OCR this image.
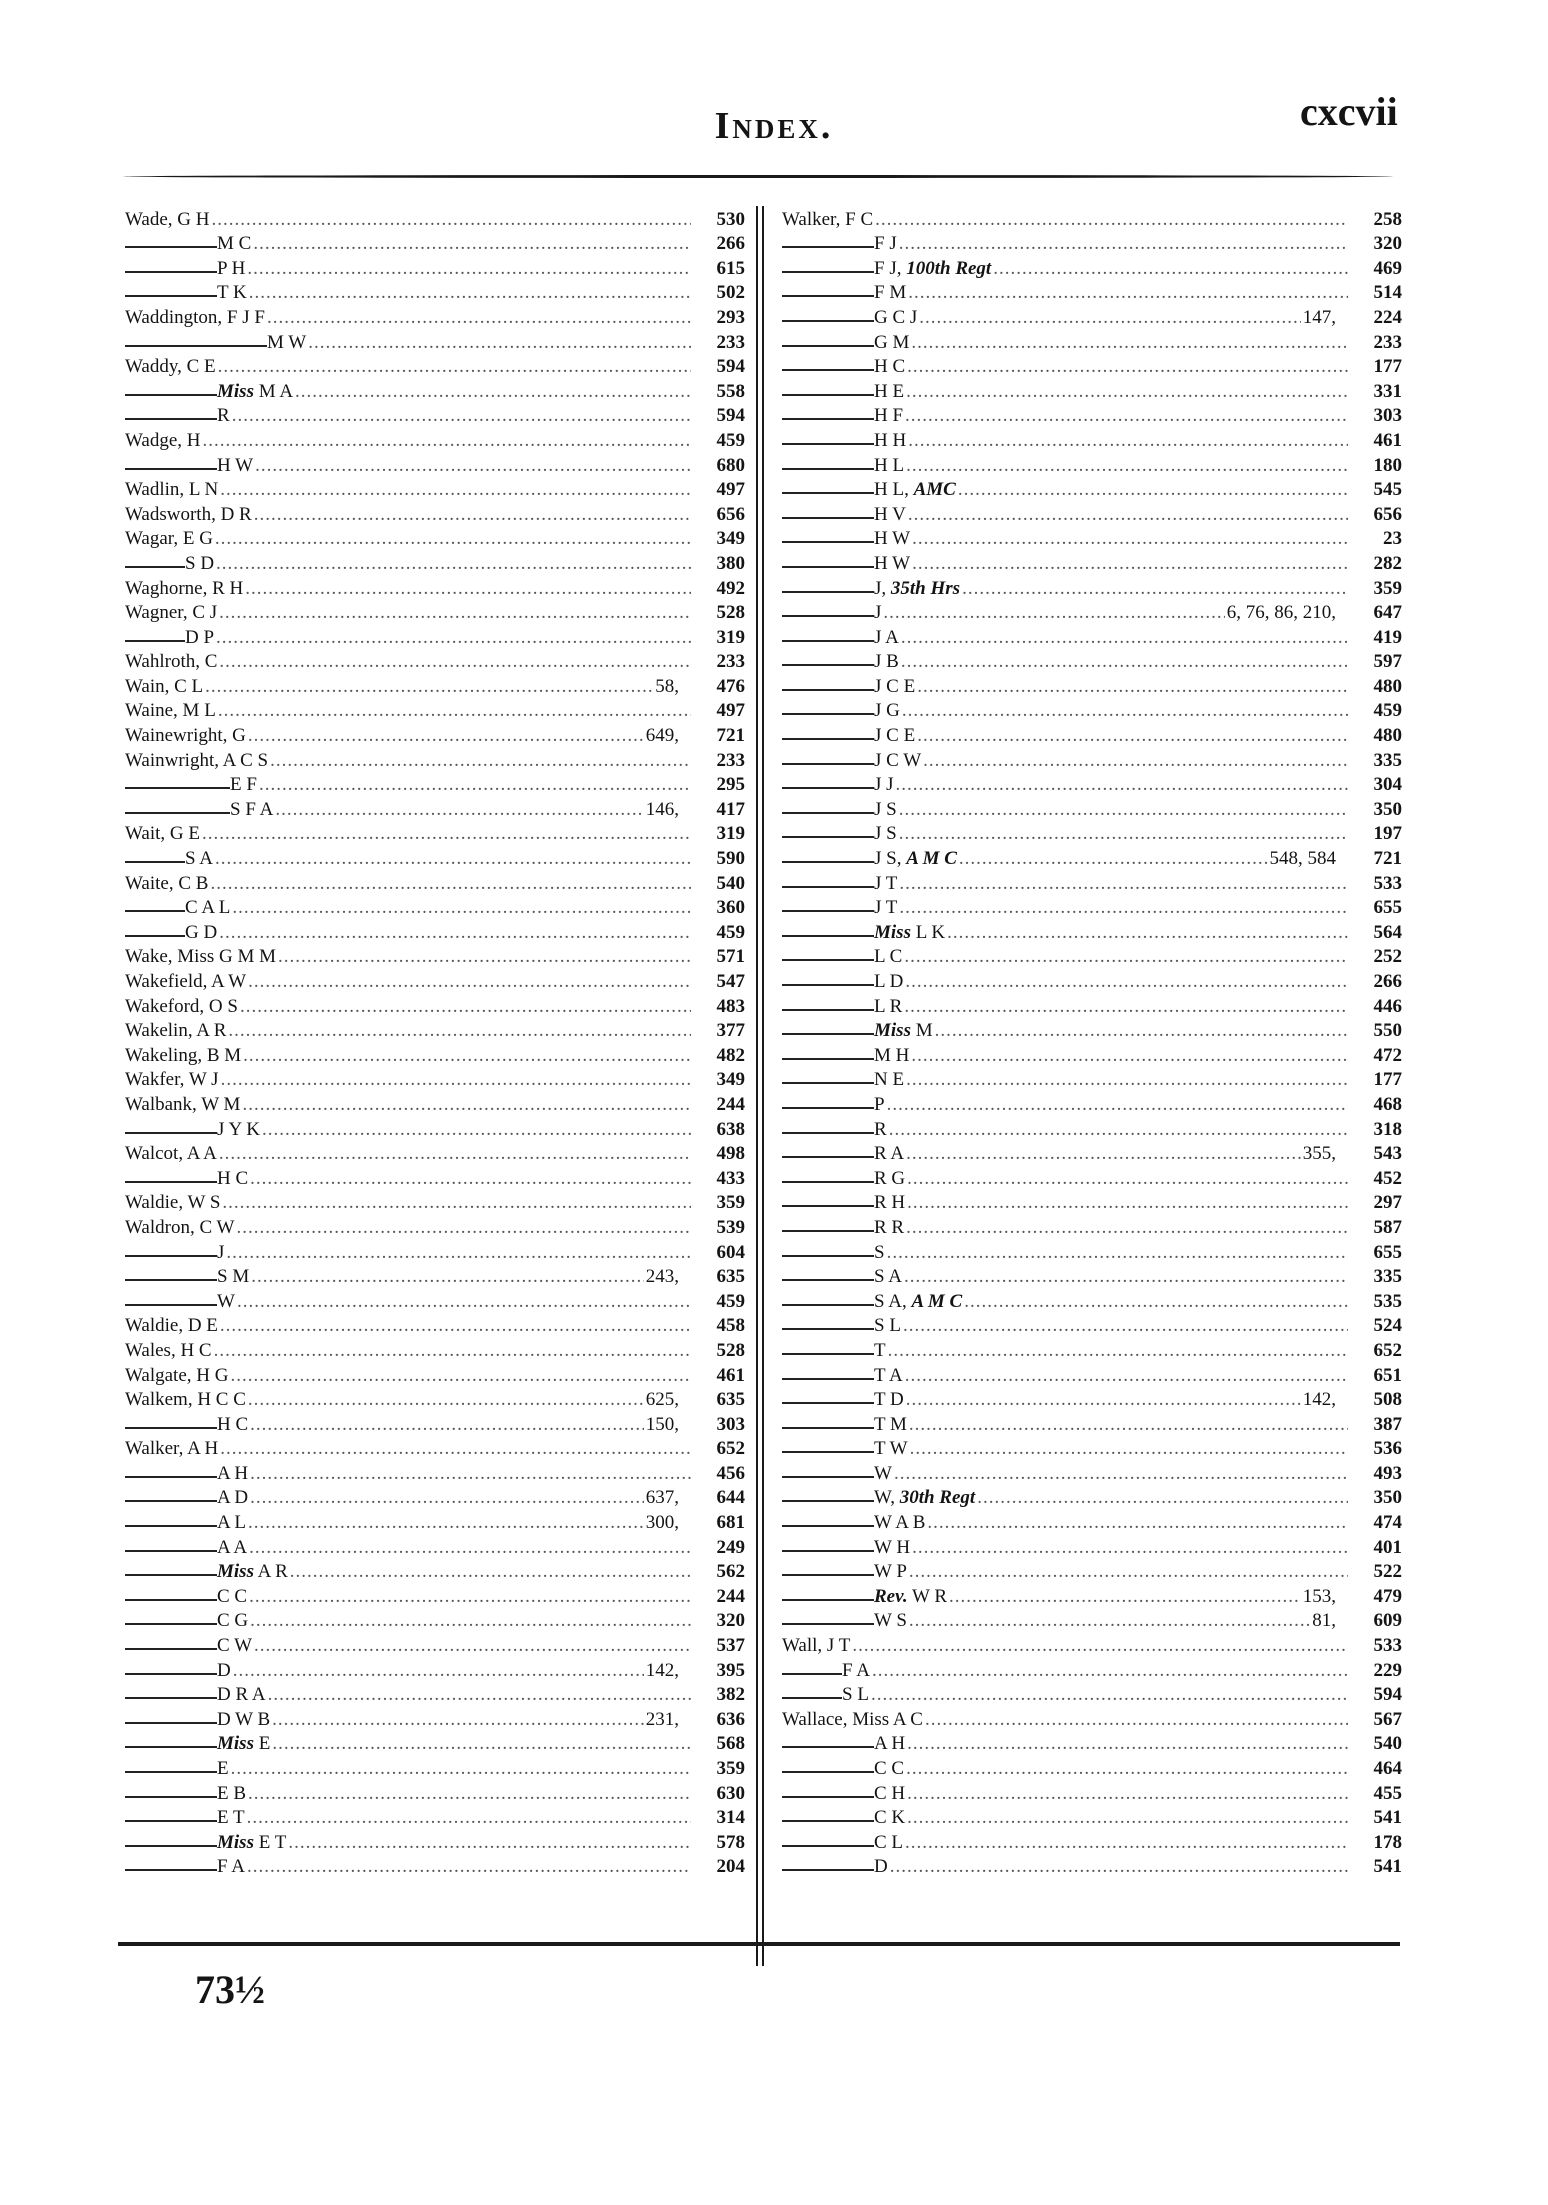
Index.	cxcvii
Wade, G H .....	530
M C .....	266
P H .....	615
T K .....	502
Waddington, F J F .....	293
M W .....	233
Waddy, C E .....	594
Miss M A .....	558
R .....	594
Wadge, H .....	459
H W .....	680
Wadlin, L N .....	497
Wadsworth, D R .....	656
Wagar, E G .....	349
S D .....	380
Waghorne, R H .....	492
Wagner, C J .....	528
D P .....	319
Wahlroth, C .....	233
Wain, C L .....	58,	476
Waine, M L .....	497
Wainewright, G .....	649,	721
Wainwright, A C S .....	233
E F .....	295
S F A .....	146,	417
Wait, G E .....	319
S A .....	590
Waite, C B .....	540
C A L .....	360
G D .....	459
Wake, Miss G M M .....	571
Wakefield, A W .....	547
Wakeford, O S .....	483
Wakelin, A R .....	377
Wakeling, B M .....	482
Wakfer, W J .....	349
Walbank, W M .....	244
J Y K .....	638
Walcot, A A .....	498
H C .....	433
Waldie, W S .....	359
Waldron, C W .....	539
J .....	604
S M .....	243,	635
W .....	459
Waldie, D E .....	458
Wales, H C .....	528
Walgate, H G .....	461
Walkem, H C C .....	625,	635
H C .....	150,	303
Walker, A H .....	652
A H .....	456
A D .....	637,	644
A L .....	300,	681
A A .....	249
Miss A R .....	562
C C .....	244
C G .....	320
C W .....	537
D .....	142,	395
D R A .....	382
D W B .....	231,	636
Miss E .....	568
E .....	359
E B .....	630
E T .....	314
Miss E T .....	578
F A .....	204
Walker, F C .....	258
F J .....	320
F J, 100th Regt .....	469
F M .....	514
G C J .....	147,	224
G M .....	233
H C .....	177
H E .....	331
H F .....	303
H H .....	461
H L .....	180
H L, AMC .....	545
H V .....	656
H W .....	23
H W .....	282
J, 35th Hrs .....	359
J .....	6, 76, 86, 210,	647
J A .....	419
J B .....	597
J C E .....	480
J G .....	459
J C E .....	480
J C W .....	335
J J .....	304
J S .....	350
J S .....	197
J S, A M C .....	548, 584	721
J T .....	533
J T .....	655
Miss L K .....	564
L C .....	252
L D .....	266
L R .....	446
Miss M .....	550
M H .....	472
N E .....	177
P .....	468
R .....	318
R A .....	355,	543
R G .....	452
R H .....	297
R R .....	587
S .....	655
S A .....	335
S A, A M C .....	535
S L .....	524
T .....	652
T A .....	651
T D .....	142,	508
T M .....	387
T W .....	536
W .....	493
W, 30th Regt .....	350
W A B .....	474
W H .....	401
W P .....	522
Rev. W R .....	153,	479
W S .....	81,	609
Wall, J T .....	533
F A .....	229
S L .....	594
Wallace, Miss A C .....	567
A H .....	540
C C .....	464
C H .....	455
C K .....	541
C L .....	178
D .....	541
73½
